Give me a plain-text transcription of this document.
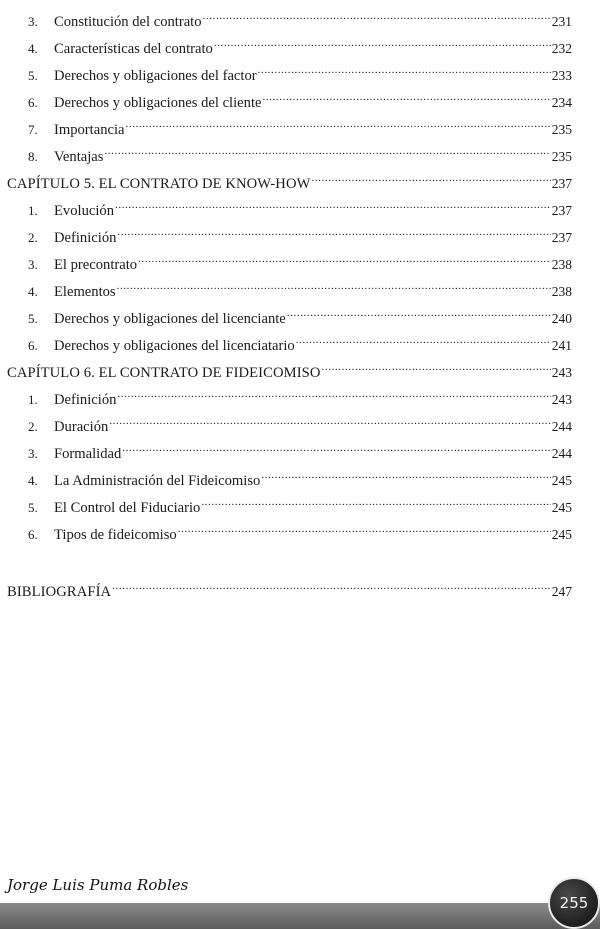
3.	Constitución del contrato .....	231
4.	Características del contrato .....	232
5.	Derechos y obligaciones del factor .....	233
6.	Derechos y obligaciones del cliente .....	234
7.	Importancia .....	235
8.	Ventajas .....	235
CAPÍTULO 5. EL CONTRATO DE KNOW-HOW .....	237
1.	Evolución .....	237
2.	Definición .....	237
3.	El precontrato .....	238
4.	Elementos .....	238
5.	Derechos y obligaciones del licenciante .....	240
6.	Derechos y obligaciones del licenciatario .....	241
CAPÍTULO 6. EL CONTRATO DE FIDEICOMISO .....	243
1.	Definición .....	243
2.	Duración .....	244
3.	Formalidad .....	244
4.	La Administración del Fideicomiso .....	245
5.	El Control del Fiduciario .....	245
6.	Tipos de fideicomiso .....	245
BIBLIOGRAFÍA .....	247
Jorge Luis Puma Robles
255
